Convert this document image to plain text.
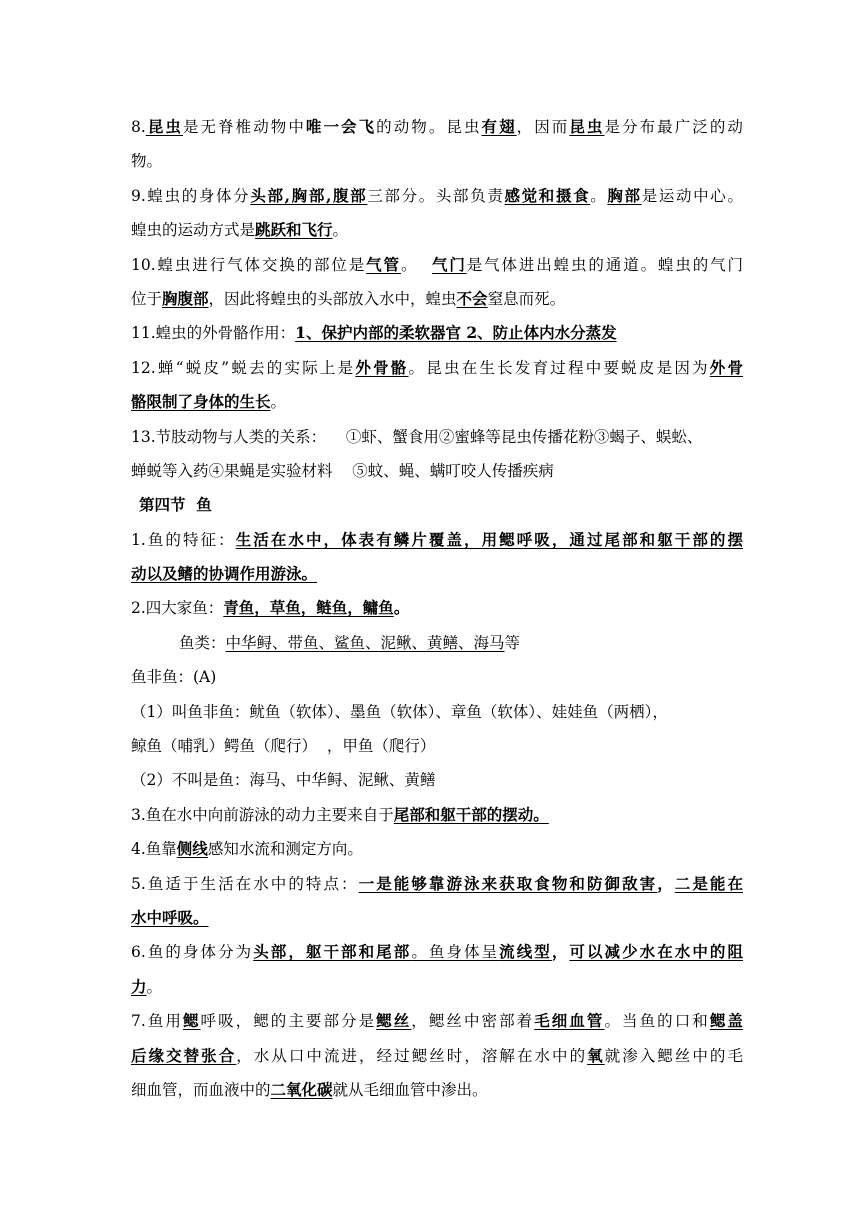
8.昆虫是无脊椎动物中唯一会飞的动物。昆虫有翅，因而昆虫是分布最广泛的动
物。
9.蝗虫的身体分头部,胸部,腹部三部分。头部负责感觉和摄食。胸部是运动中心。
蝗虫的运动方式是跳跃和飞行。
10.蝗虫进行气体交换的部位是气管。  气门是气体进出蝗虫的通道。蝗虫的气门
位于胸腹部，因此将蝗虫的头部放入水中，蝗虫不会窒息而死。
11.蝗虫的外骨骼作用：1、保护内部的柔软器官 2、防止体内水分蒸发
12.蝉“蜕皮”蜕去的实际上是外骨骼。昆虫在生长发育过程中要蜕皮是因为外骨
骼限制了身体的生长。
13.节肢动物与人类的关系：    ①虾、蟹食用②蜜蜂等昆虫传播花粉③蝎子、蜈蚣、
蝉蜕等入药④果蝇是实验材料    ⑤蚊、蝇、螨叮咬人传播疾病
第四节  鱼
1.鱼的特征：生活在水中，体表有鳞片覆盖，用鳃呼吸，通过尾部和躯干部的摆
动以及鳍的协调作用游泳。
2.四大家鱼：青鱼，草鱼，鲢鱼，鳙鱼。
鱼类：中华鲟、带鱼、鲨鱼、泥鳅、黄鳝、海马等
鱼非鱼：(A)
（1）叫鱼非鱼：鱿鱼（软体）、墨鱼（软体）、章鱼（软体）、娃娃鱼（两栖），
鲸鱼（哺乳）鳄鱼（爬行）  ，甲鱼（爬行）
（2）不叫是鱼：海马、中华鲟、泥鳅、黄鳝
3.鱼在水中向前游泳的动力主要来自于尾部和躯干部的摆动。
4.鱼靠侧线感知水流和测定方向。
5.鱼适于生活在水中的特点：一是能够靠游泳来获取食物和防御敌害，二是能在
水中呼吸。
6.鱼的身体分为头部，躯干部和尾部。鱼身体呈流线型，可以减少水在水中的阻
力。
7.鱼用鳃呼吸，鳃的主要部分是鳃丝，鳃丝中密部着毛细血管。当鱼的口和鳃盖
后缘交替张合，水从口中流进，经过鳃丝时，溶解在水中的氧就渗入鳃丝中的毛
细血管，而血液中的二氧化碳就从毛细血管中渗出。
